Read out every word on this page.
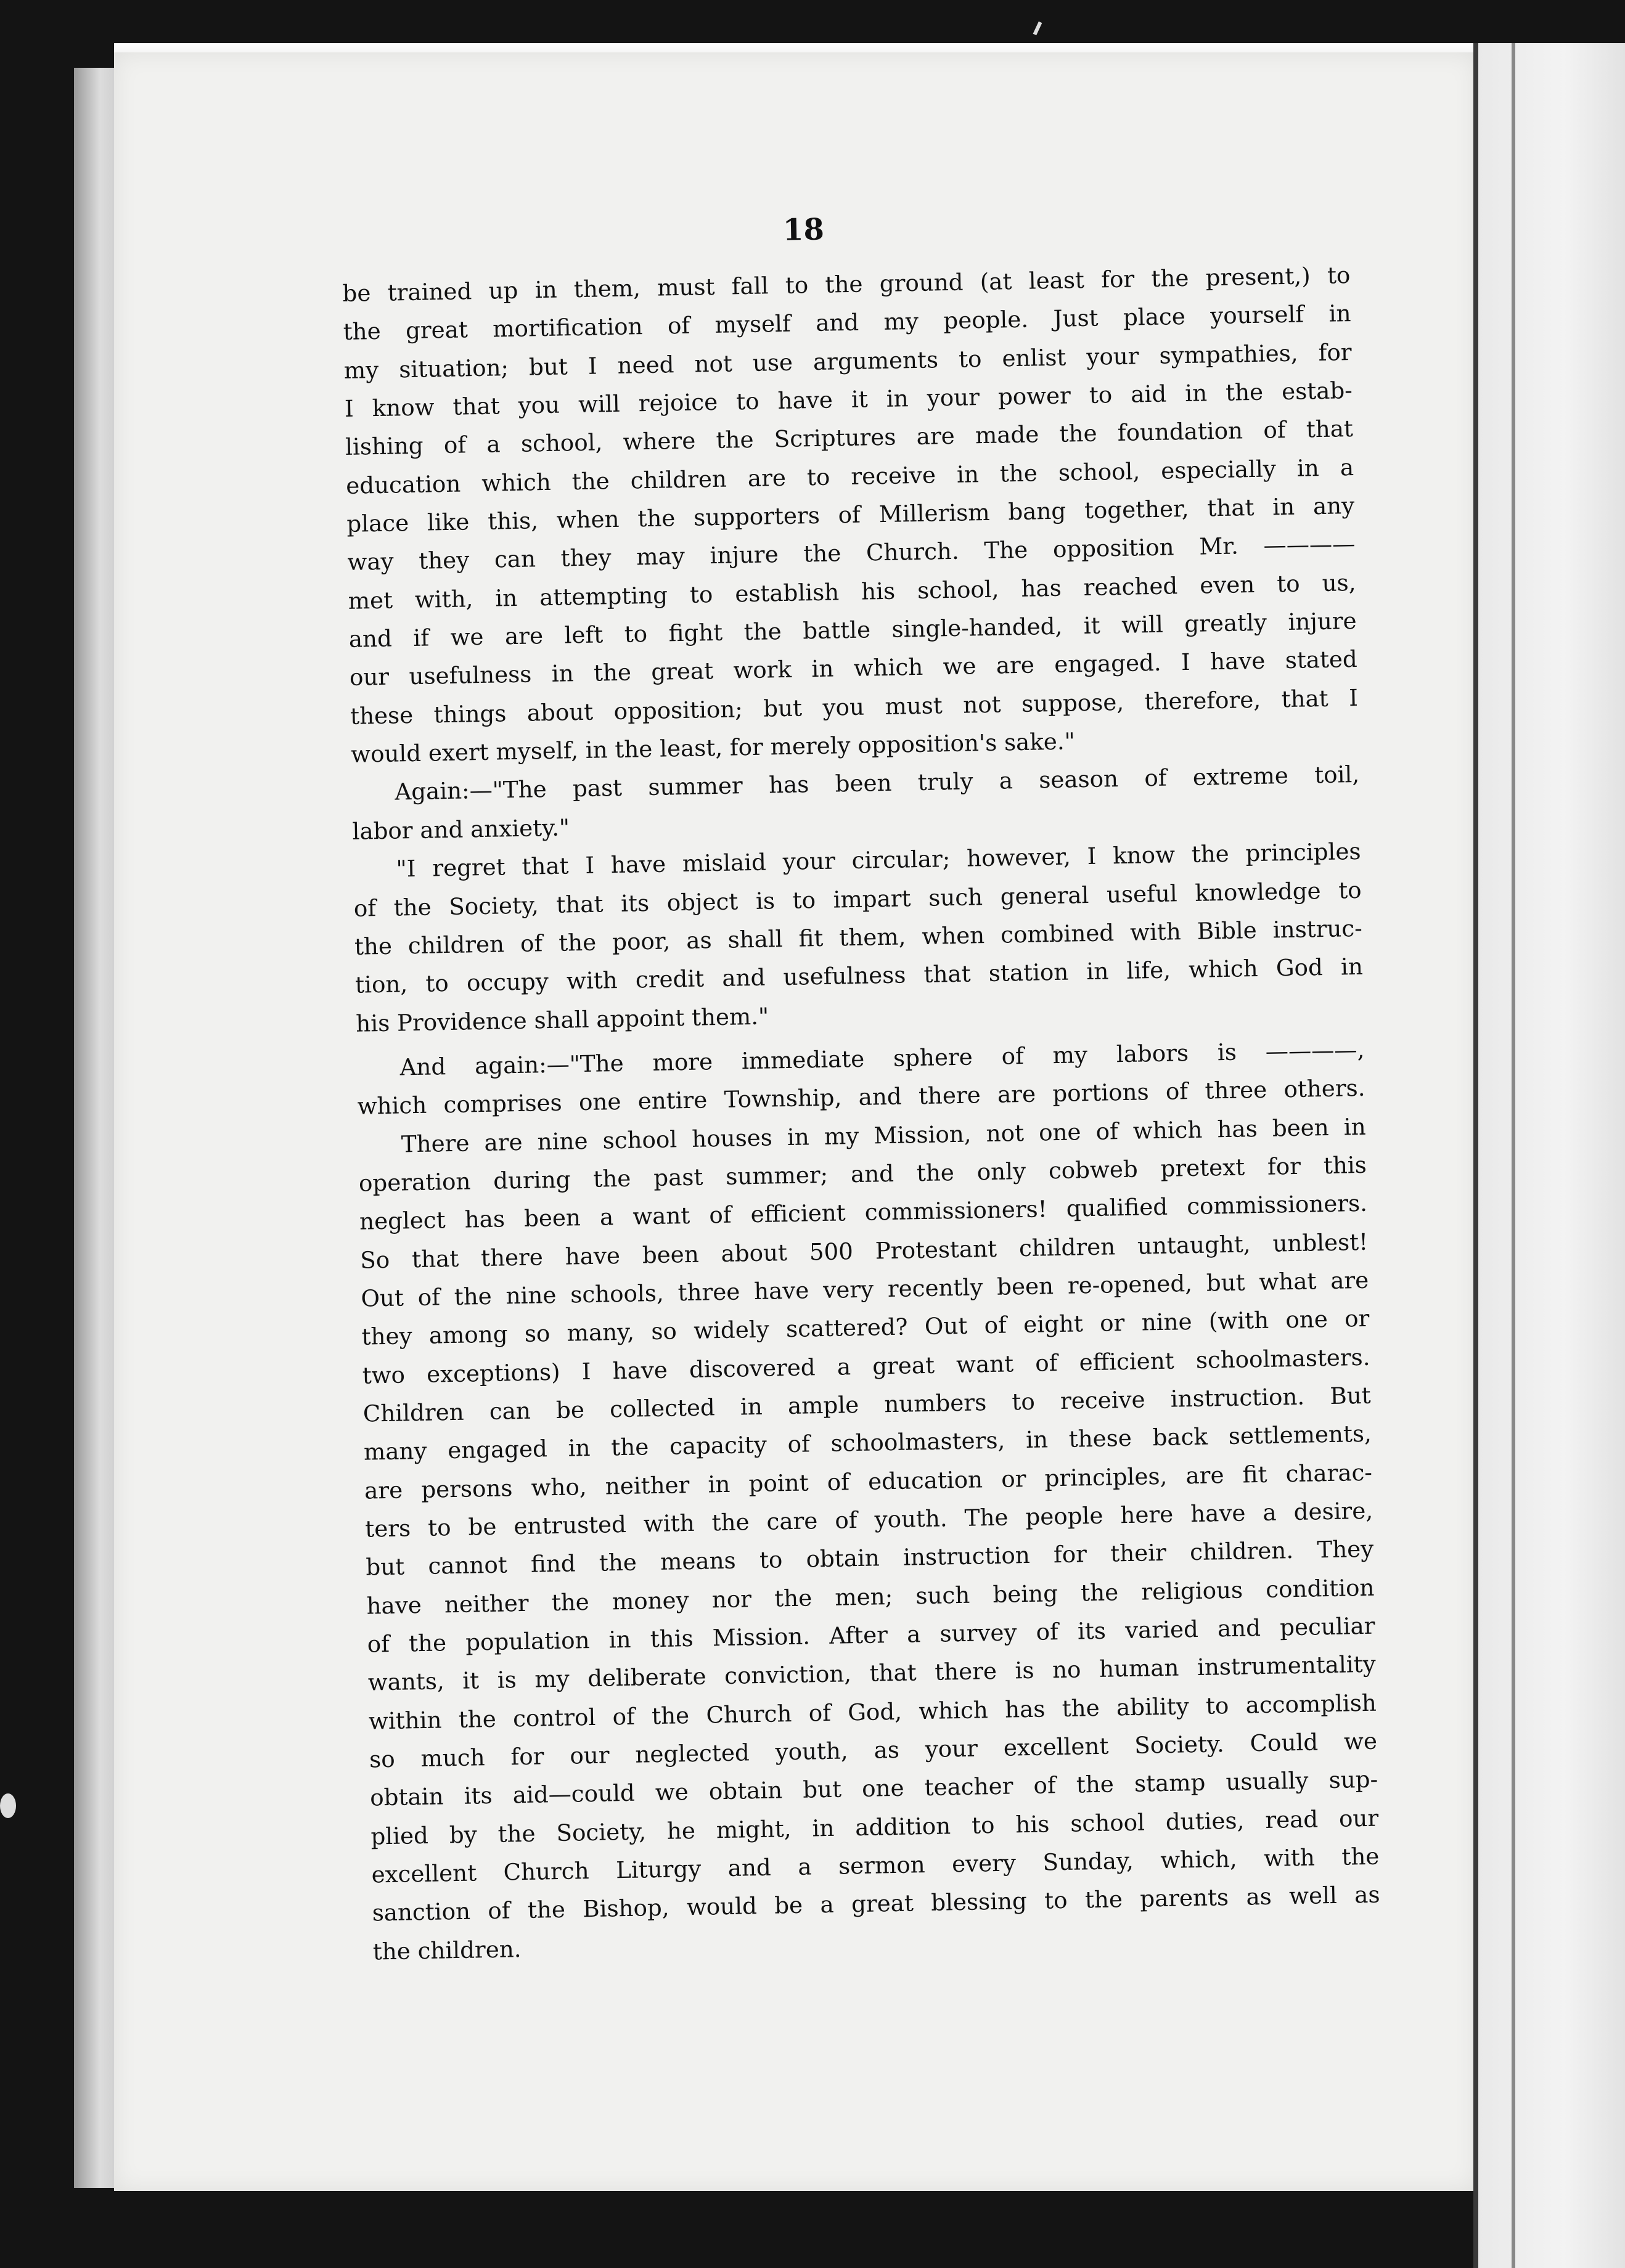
18
be trained up in them, must fall to the ground (at least for the present,) to
the great mortification of myself and my people. Just place yourself in
my situation; but I need not use arguments to enlist your sympathies, for
I know that you will rejoice to have it in your power to aid in the estab-
lishing of a school, where the Scriptures are made the foundation of that
education which the children are to receive in the school, especially in a
place like this, when the supporters of Millerism bang together, that in any
way they can they may injure the Church. The opposition Mr. ————
met with, in attempting to establish his school, has reached even to us,
and if we are left to fight the battle single-handed, it will greatly injure
our usefulness in the great work in which we are engaged. I have stated
these things about opposition; but you must not suppose, therefore, that I
would exert myself, in the least, for merely opposition's sake."
Again:—"The past summer has been truly a season of extreme toil,
labor and anxiety."
"I regret that I have mislaid your circular; however, I know the principles
of the Society, that its object is to impart such general useful knowledge to
the children of the poor, as shall fit them, when combined with Bible instruc-
tion, to occupy with credit and usefulness that station in life, which God in
his Providence shall appoint them."
And again:—"The more immediate sphere of my labors is ————,
which comprises one entire Township, and there are portions of three others.
There are nine school houses in my Mission, not one of which has been in
operation during the past summer; and the only cobweb pretext for this
neglect has been a want of efficient commissioners! qualified commissioners.
So that there have been about 500 Protestant children untaught, unblest!
Out of the nine schools, three have very recently been re-opened, but what are
they among so many, so widely scattered? Out of eight or nine (with one or
two exceptions) I have discovered a great want of efficient schoolmasters.
Children can be collected in ample numbers to receive instruction. But
many engaged in the capacity of schoolmasters, in these back settlements,
are persons who, neither in point of education or principles, are fit charac-
ters to be entrusted with the care of youth. The people here have a desire,
but cannot find the means to obtain instruction for their children. They
have neither the money nor the men; such being the religious condition
of the population in this Mission. After a survey of its varied and peculiar
wants, it is my deliberate conviction, that there is no human instrumentality
within the control of the Church of God, which has the ability to accomplish
so much for our neglected youth, as your excellent Society. Could we
obtain its aid—could we obtain but one teacher of the stamp usually sup-
plied by the Society, he might, in addition to his school duties, read our
excellent Church Liturgy and a sermon every Sunday, which, with the
sanction of the Bishop, would be a great blessing to the parents as well as
the children.
